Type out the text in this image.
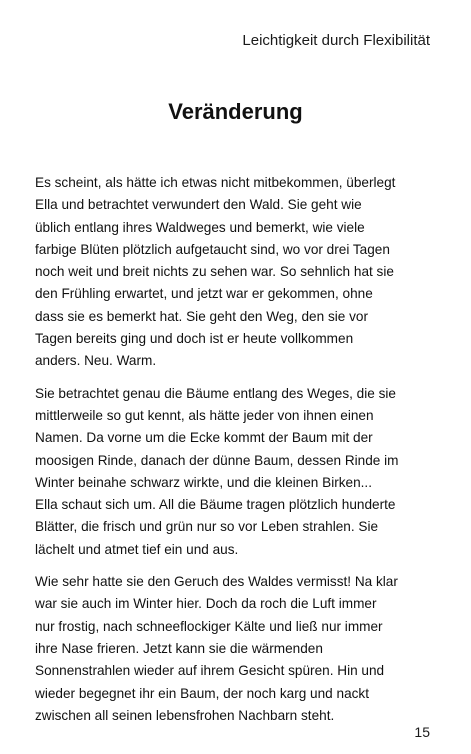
Leichtigkeit durch Flexibilität
Veränderung

Es scheint, als hätte ich etwas nicht mitbekommen, überlegt
Ella und betrachtet verwundert den Wald. Sie geht wie
üblich entlang ihres Waldweges und bemerkt, wie viele
farbige Blüten plötzlich aufgetaucht sind, wo vor drei Tagen
noch weit und breit nichts zu sehen war. So sehnlich hat sie
den Frühling erwartet, und jetzt war er gekommen, ohne
dass sie es bemerkt hat. Sie geht den Weg, den sie vor
Tagen bereits ging und doch ist er heute vollkommen
anders. Neu. Warm.

Sie betrachtet genau die Bäume entlang des Weges, die sie
mittlerweile so gut kennt, als hätte jeder von ihnen einen
Namen. Da vorne um die Ecke kommt der Baum mit der
moosigen Rinde, danach der dünne Baum, dessen Rinde im
Winter beinahe schwarz wirkte, und die kleinen Birken...
Ella schaut sich um. All die Bäume tragen plötzlich hunderte
Blätter, die frisch und grün nur so vor Leben strahlen. Sie
lächelt und atmet tief ein und aus.

Wie sehr hatte sie den Geruch des Waldes vermisst! Na klar
war sie auch im Winter hier. Doch da roch die Luft immer
nur frostig, nach schneeflockiger Kälte und ließ nur immer
ihre Nase frieren. Jetzt kann sie die wärmenden
Sonnenstrahlen wieder auf ihrem Gesicht spüren. Hin und
wieder begegnet ihr ein Baum, der noch karg und nackt
zwischen all seinen lebensfrohen Nachbarn steht.

15
